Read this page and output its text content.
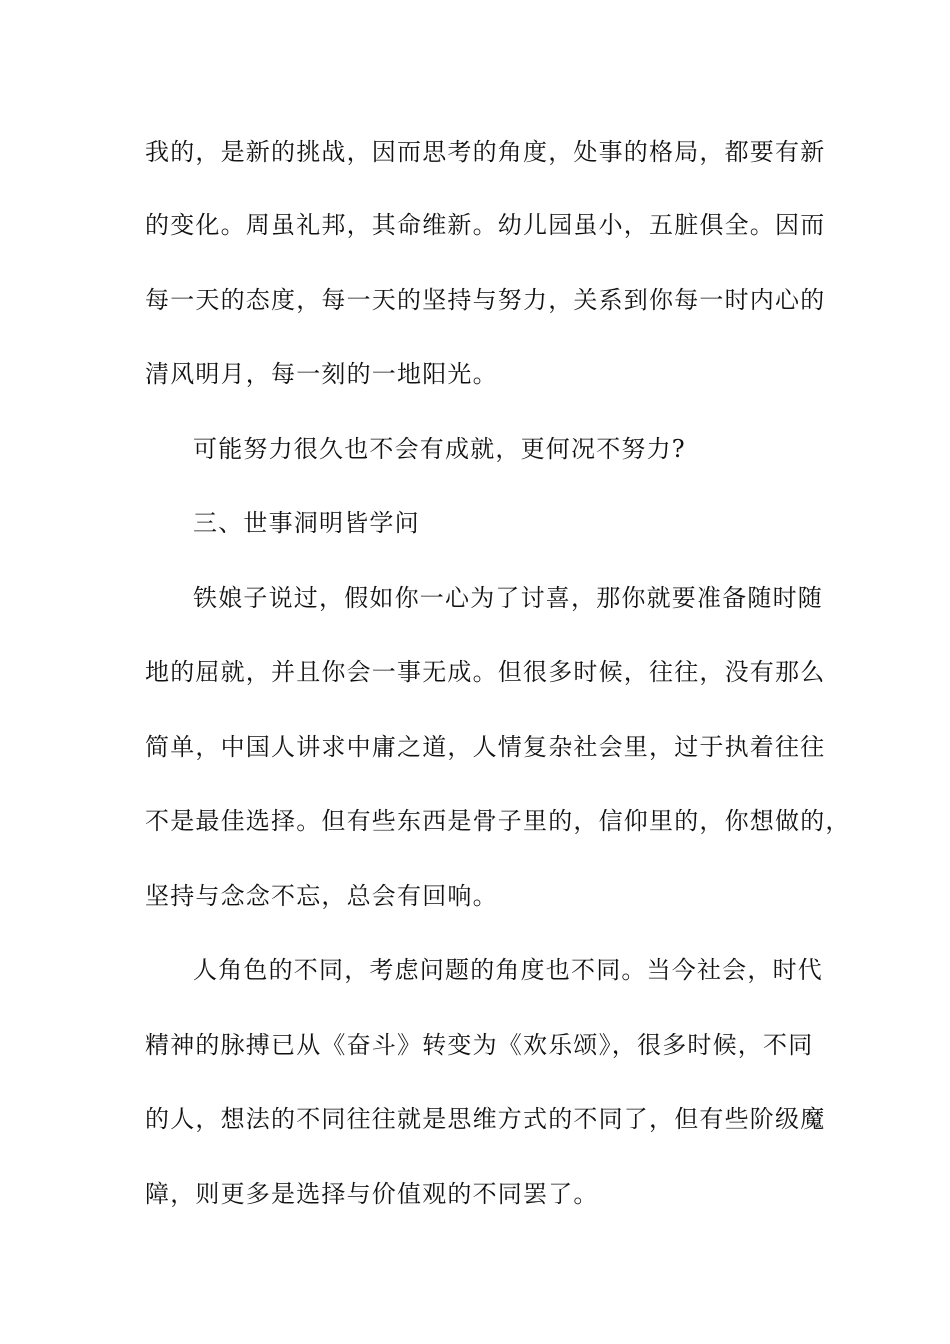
我的，是新的挑战，因而思考的角度，处事的格局，都要有新
的变化。周虽礼邦，其命维新。幼儿园虽小，五脏俱全。因而
每一天的态度，每一天的坚持与努力，关系到你每一时内心的
清风明月，每一刻的一地阳光。
可能努力很久也不会有成就，更何况不努力?
三、世事洞明皆学问
铁娘子说过，假如你一心为了讨喜，那你就要准备随时随
地的屈就，并且你会一事无成。但很多时候，往往，没有那么
简单，中国人讲求中庸之道，人情复杂社会里，过于执着往往
不是最佳选择。但有些东西是骨子里的，信仰里的，你想做的，
坚持与念念不忘，总会有回响。
人角色的不同，考虑问题的角度也不同。当今社会，时代
精神的脉搏已从《奋斗》转变为《欢乐颂》，很多时候，不同
的人，想法的不同往往就是思维方式的不同了，但有些阶级魔
障，则更多是选择与价值观的不同罢了。
